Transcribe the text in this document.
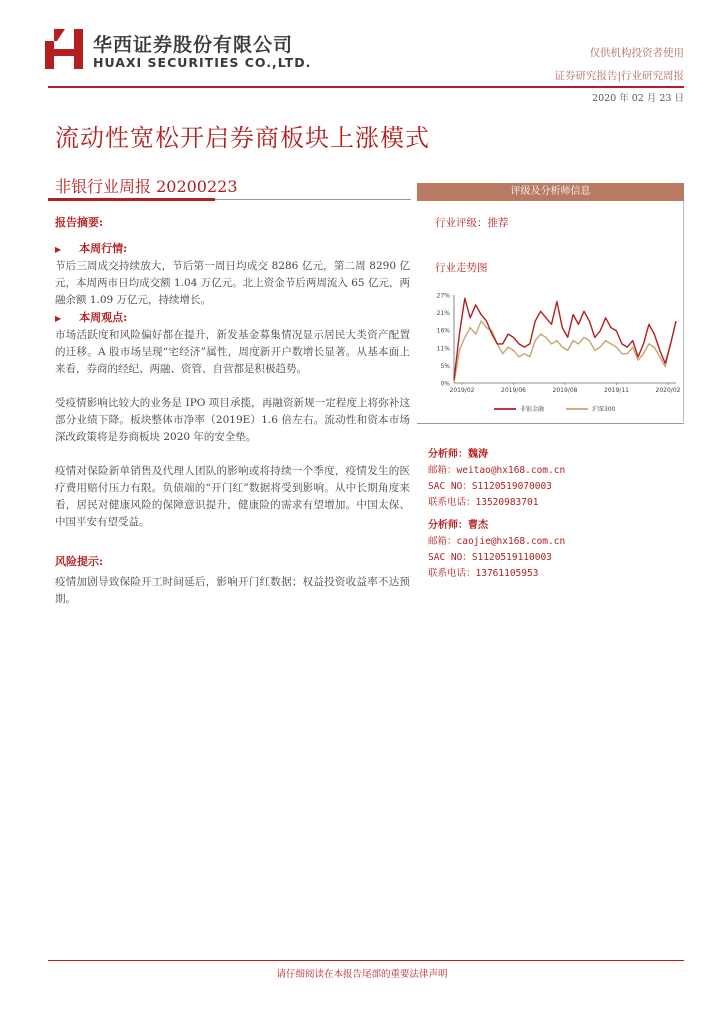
华西证券股份有限公司
HUAXI SECURITIES CO.,LTD.
仅供机构投资者使用
证券研究报告|行业研究周报
2020 年 02 月 23 日
流动性宽松开启券商板块上涨模式
非银行业周报 20200223
报告摘要:
▶ 本周行情:

节后三周成交持续放大，节后第一周日均成交 8286 亿元，第二周 8290 亿元，本周两市日均成交额 1.04 万亿元。北上资金节后两周流入 65 亿元，两融余额 1.09 万亿元，持续增长。

▶ 本周观点:

市场活跃度和风险偏好都在提升，新发基金募集情况显示居民大类资产配置的迁移。A 股市场呈现“宅经济”属性，周度新开户数增长显著。从基本面上来看，券商的经纪、两融、资管、自营都是积极趋势。

受疫情影响比较大的业务是 IPO 项目承揽，再融资新规一定程度上将弥补这部分业绩下降。板块整体市净率（2019E）1.6 倍左右。流动性和资本市场深改政策将是券商板块 2020 年的安全垫。

疫情对保险新单销售及代理人团队的影响或将持续一个季度，疫情发生的医疗费用赔付压力有限。负债端的“开门红”数据将受到影响。从中长期角度来看，居民对健康风险的保障意识提升，健康险的需求有望增加。中国太保、中国平安有望受益。

风险提示:

疫情加剧导致保险开工时间延后，影响开门红数据；权益投资收益率不达预期。

评级及分析师信息
行业评级：推荐
行业走势图
0%
5%
11%
16%
21%
27%
2019/02	2019/06	2019/08	2019/11	2020/02
非银金融	沪深300
分析师：魏涛
邮箱：weitao@hx168.com.cn
SAC NO：S1120519070003
联系电话：13520983701
分析师：曹杰
邮箱：caojie@hx168.com.cn
SAC NO：S1120519110003
联系电话：13761105953
请仔细阅读在本报告尾部的重要法律声明
